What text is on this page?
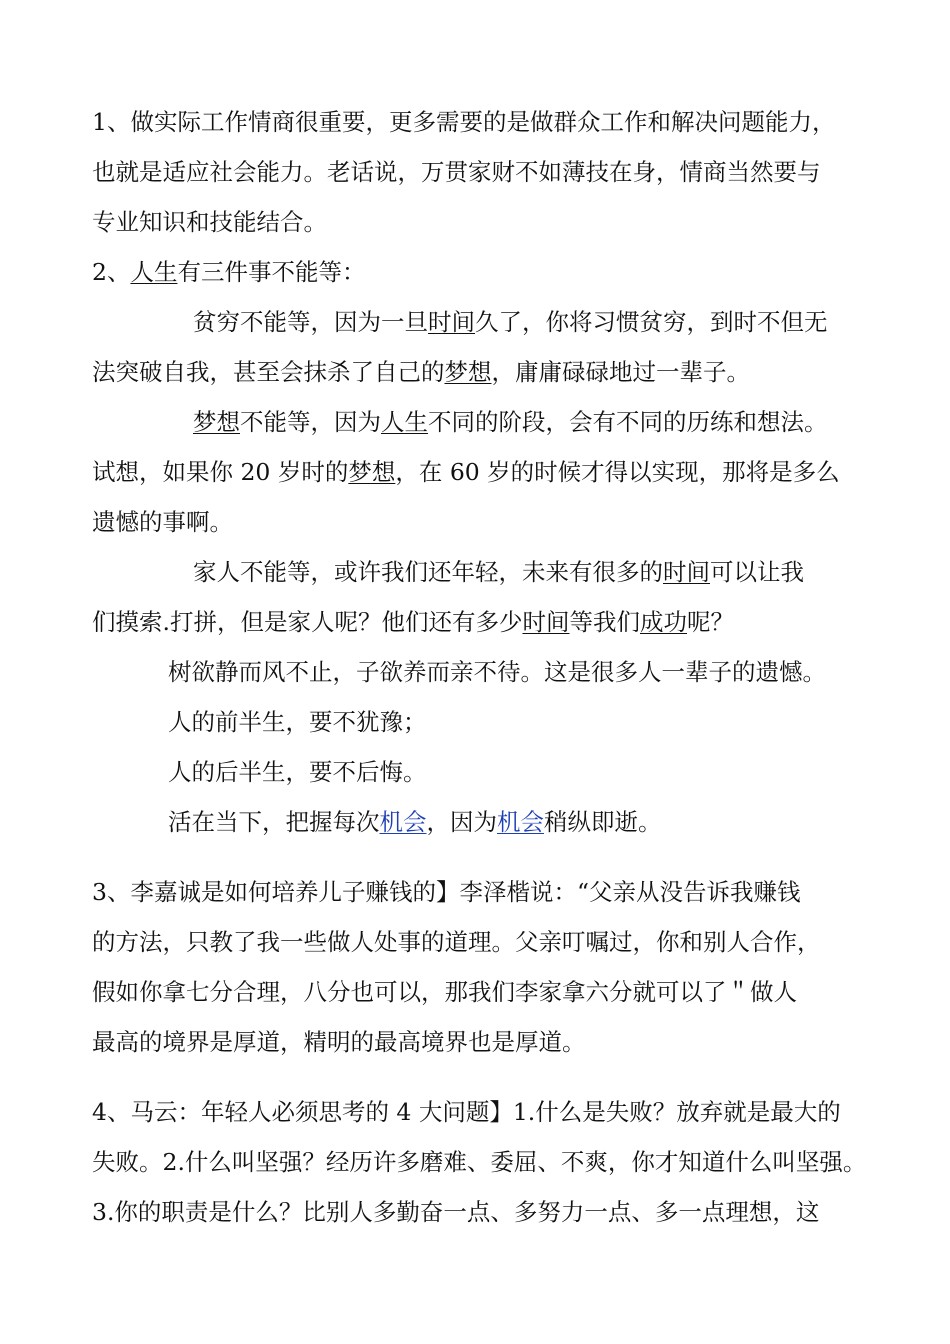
1、做实际工作情商很重要，更多需要的是做群众工作和解决问题能力，
也就是适应社会能力。老话说，万贯家财不如薄技在身，情商当然要与
专业知识和技能结合。
2、人生有三件事不能等：
贫穷不能等，因为一旦时间久了，你将习惯贫穷，到时不但无
法突破自我，甚至会抹杀了自己的梦想，庸庸碌碌地过一辈子。
梦想不能等，因为人生不同的阶段，会有不同的历练和想法。
试想，如果你 20 岁时的梦想，在 60 岁的时候才得以实现，那将是多么
遗憾的事啊。
家人不能等，或许我们还年轻，未来有很多的时间可以让我
们摸索.打拼，但是家人呢？他们还有多少时间等我们成功呢？
树欲静而风不止，子欲养而亲不待。这是很多人一辈子的遗憾。
人的前半生，要不犹豫；
人的后半生，要不后悔。
活在当下，把握每次机会，因为机会稍纵即逝。
3、李嘉诚是如何培养儿子赚钱的】李泽楷说：“父亲从没告诉我赚钱
的方法，只教了我一些做人处事的道理。父亲叮嘱过，你和别人合作，
假如你拿七分合理，八分也可以，那我们李家拿六分就可以了＂做人
最高的境界是厚道，精明的最高境界也是厚道。
4、马云：年轻人必须思考的 4 大问题】1.什么是失败？放弃就是最大的
失败。2.什么叫坚强？经历许多磨难、委屈、不爽，你才知道什么叫坚强。
3.你的职责是什么？比别人多勤奋一点、多努力一点、多一点理想，这
